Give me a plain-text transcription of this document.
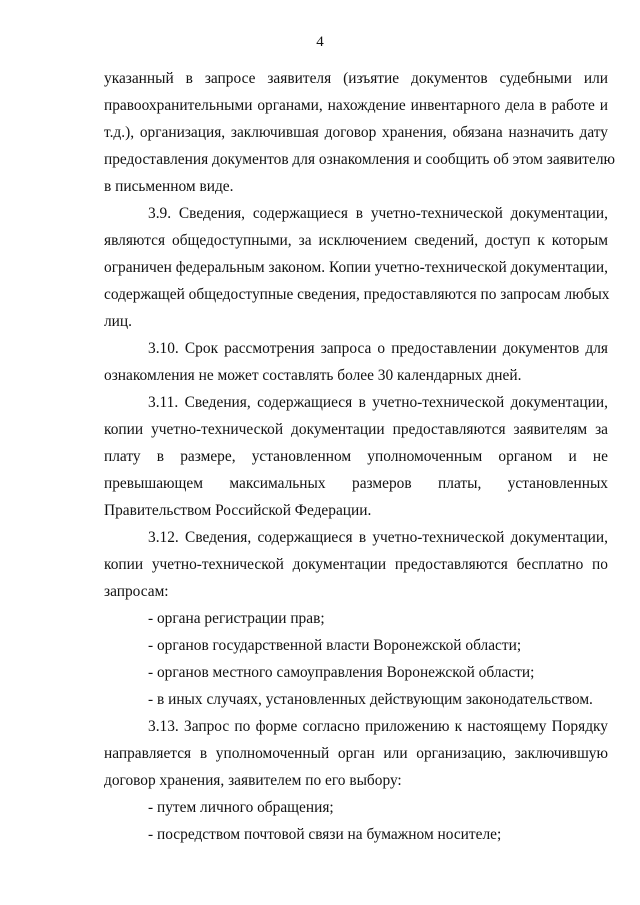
4
указанный в запросе заявителя (изъятие документов судебными или
правоохранительными органами, нахождение инвентарного дела в работе и
т.д.), организация, заключившая договор хранения, обязана назначить дату
предоставления документов для ознакомления и сообщить об этом заявителю
в письменном виде.
3.9. Сведения, содержащиеся в учетно-технической документации,
являются общедоступными, за исключением сведений, доступ к которым
ограничен федеральным законом. Копии учетно-технической документации,
содержащей общедоступные сведения, предоставляются по запросам любых
лиц.
3.10. Срок рассмотрения запроса о предоставлении документов для
ознакомления не может составлять более 30 календарных дней.
3.11. Сведения, содержащиеся в учетно-технической документации,
копии учетно-технической документации предоставляются заявителям за
плату в размере, установленном уполномоченным органом и не
превышающем максимальных размеров платы, установленных
Правительством Российской Федерации.
3.12. Сведения, содержащиеся в учетно-технической документации,
копии учетно-технической документации предоставляются бесплатно по
запросам:
- органа регистрации прав;
- органов государственной власти Воронежской области;
- органов местного самоуправления Воронежской области;
- в иных случаях, установленных действующим законодательством.
3.13. Запрос по форме согласно приложению к настоящему Порядку
направляется в уполномоченный орган или организацию, заключившую
договор хранения, заявителем по его выбору:
- путем личного обращения;
- посредством почтовой связи на бумажном носителе;
